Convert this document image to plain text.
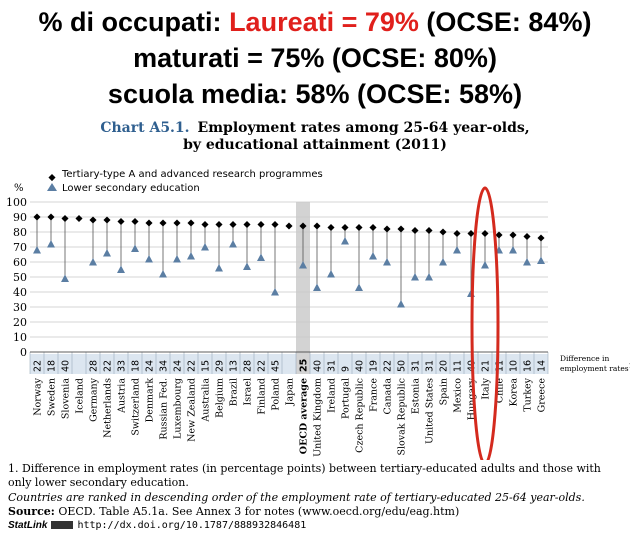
% di occupati: Laureati = 79% (OCSE: 84%)
maturati = 75% (OCSE: 80%)
scuola media: 58% (OCSE: 58%)
Chart A5.1. Employment rates among 25-64 year-olds,
by educational attainment (2011)
0
10
20
30
40
50
60
70
80
90
100
%
Tertiary-type A and advanced research programmes
Lower secondary education
22
Norway
18
Sweden
40
Slovenia Iceland
28
Germany
22
Netherlands
33
Austria
18
Switzerland
24
Denmark
34
Russian Fed.
24
Luxembourg
22
New Zealand
15
Australia
29
Belgium
13
Brazil
28
Israel
22
Finland
45
Poland Japan
25
OECD average
40
United Kingdom
31
Ireland
9
Portugal
40
Czech Republic
19
France
22
Canada
50
Slovak Republic
31
Estonia
31
United States
20
Spain
11
Mexico
40
Hungary
21
Italy
11
Chile
10
Korea
16
Turkey
14
Greece
Difference in
employment rates
1. Difference in employment rates (in percentage points) between tertiary-educated adults and those with only lower secondary education.
Countries are ranked in descending order of the employment rate of tertiary-educated 25-64 year-olds.
Source: OECD. Table A5.1a. See Annex 3 for notes (www.oecd.org/edu/eag.htm)
StatLink	http://dx.doi.org/10.1787/888932846481
